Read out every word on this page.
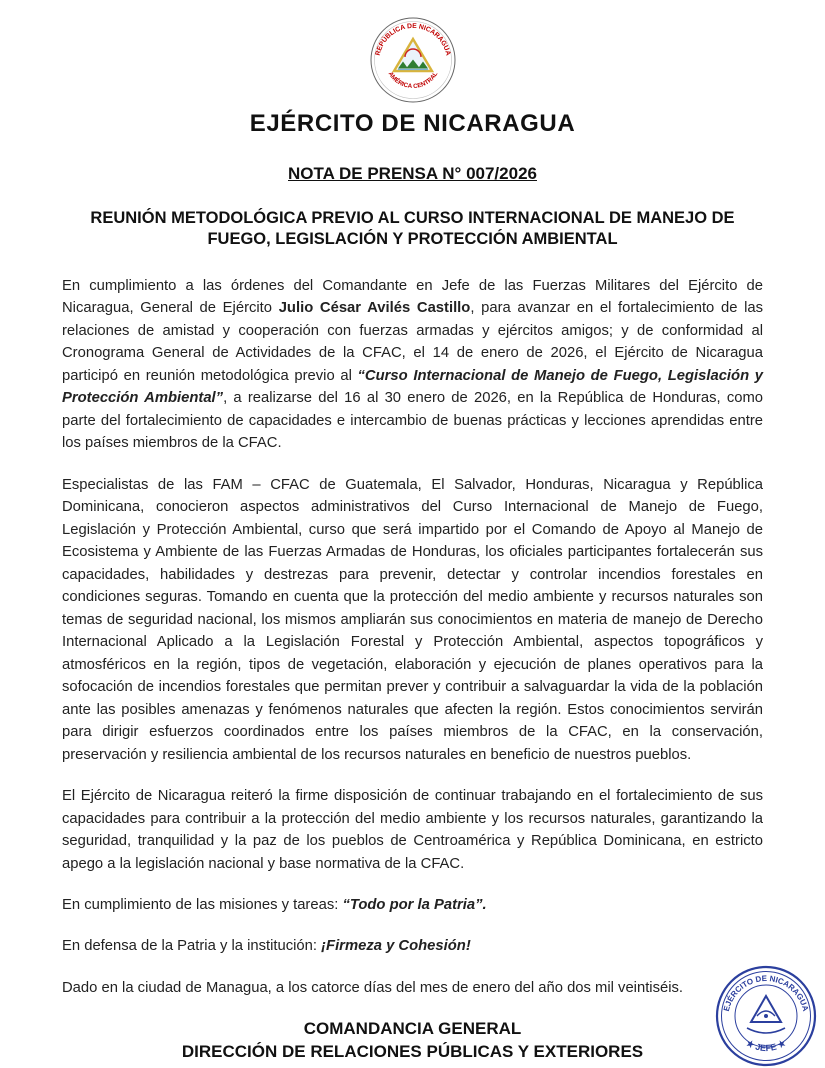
REPÚBLICA DE NICARAGUA
AMÉRICA CENTRAL
EJÉRCITO DE NICARAGUA
NOTA DE PRENSA N° 007/2026
REUNIÓN METODOLÓGICA PREVIO AL CURSO INTERNACIONAL DE MANEJO DE FUEGO, LEGISLACIÓN Y PROTECCIÓN AMBIENTAL

En cumplimiento a las órdenes del Comandante en Jefe de las Fuerzas Militares del Ejército de Nicaragua, General de Ejército Julio César Avilés Castillo, para avanzar en el fortalecimiento de las relaciones de amistad y cooperación con fuerzas armadas y ejércitos amigos; y de conformidad al Cronograma General de Actividades de la CFAC, el 14 de enero de 2026, el Ejército de Nicaragua participó en reunión metodológica previo al “Curso Internacional de Manejo de Fuego, Legislación y Protección Ambiental”, a realizarse del 16 al 30 enero de 2026, en la República de Honduras, como parte del fortalecimiento de capacidades e intercambio de buenas prácticas y lecciones aprendidas entre los países miembros de la CFAC.

Especialistas de las FAM – CFAC de Guatemala, El Salvador, Honduras, Nicaragua y República Dominicana, conocieron aspectos administrativos del Curso Internacional de Manejo de Fuego, Legislación y Protección Ambiental, curso que será impartido por el Comando de Apoyo al Manejo de Ecosistema y Ambiente de las Fuerzas Armadas de Honduras, los oficiales participantes fortalecerán sus capacidades, habilidades y destrezas para prevenir, detectar y controlar incendios forestales en condiciones seguras. Tomando en cuenta que la protección del medio ambiente y recursos naturales son temas de seguridad nacional, los mismos ampliarán sus conocimientos en materia de manejo de Derecho Internacional Aplicado a la Legislación Forestal y Protección Ambiental, aspectos topográficos y atmosféricos en la región, tipos de vegetación, elaboración y ejecución de planes operativos para la sofocación de incendios forestales que permitan prever y contribuir a salvaguardar la vida de la población ante las posibles amenazas y fenómenos naturales que afecten la región. Estos conocimientos servirán para dirigir esfuerzos coordinados entre los países miembros de la CFAC, en la conservación, preservación y resiliencia ambiental de los recursos naturales en beneficio de nuestros pueblos.

El Ejército de Nicaragua reiteró la firme disposición de continuar trabajando en el fortalecimiento de sus capacidades para contribuir a la protección del medio ambiente y los recursos naturales, garantizando la seguridad, tranquilidad y la paz de los pueblos de Centroamérica y República Dominicana, en estricto apego a la legislación nacional y base normativa de la CFAC.

En cumplimiento de las misiones y tareas: “Todo por la Patria”.

En defensa de la Patria y la institución: ¡Firmeza y Cohesión!

Dado en la ciudad de Managua, a los catorce días del mes de enero del año dos mil veintiséis.

COMANDANCIA GENERAL
DIRECCIÓN DE RELACIONES PÚBLICAS Y EXTERIORES
EJÉRCITO DE NICARAGUA
★ JEFE ★
